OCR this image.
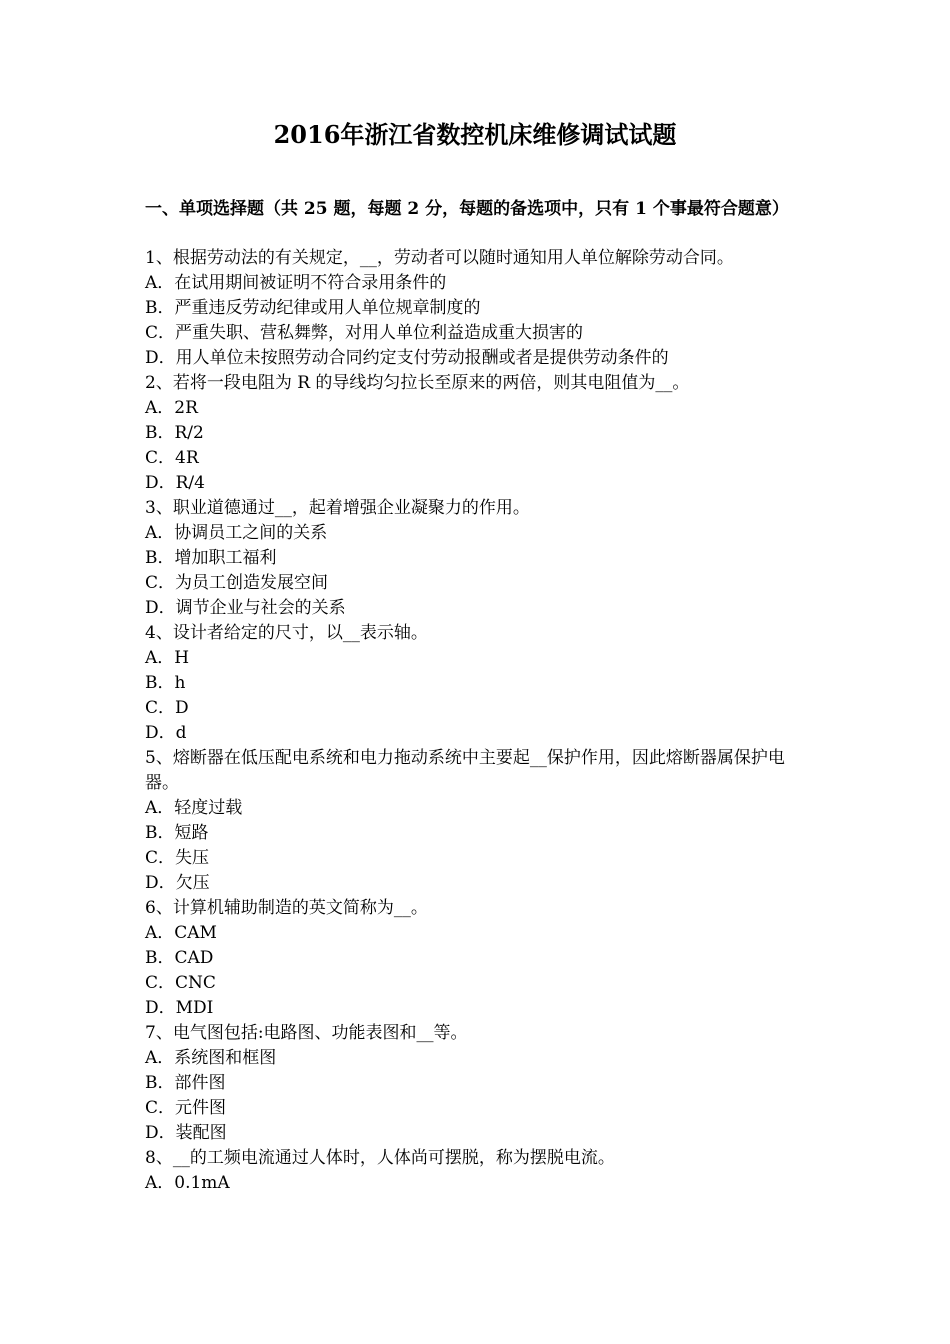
2016年浙江省数控机床维修调试试题

一、单项选择题（共 25 题，每题 2 分，每题的备选项中，只有 1 个事最符合题意）

1、根据劳动法的有关规定，__，劳动者可以随时通知用人单位解除劳动合同。

A．在试用期间被证明不符合录用条件的

B．严重违反劳动纪律或用人单位规章制度的

C．严重失职、营私舞弊，对用人单位利益造成重大损害的

D．用人单位未按照劳动合同约定支付劳动报酬或者是提供劳动条件的

2、若将一段电阻为 R 的导线均匀拉长至原来的两倍，则其电阻值为__。

A．2R

B．R/2

C．4R

D．R/4

3、职业道德通过__，起着增强企业凝聚力的作用。

A．协调员工之间的关系

B．增加职工福利

C．为员工创造发展空间

D．调节企业与社会的关系

4、设计者给定的尺寸，以__表示轴。

A．H

B．h

C．D

D．d

5、熔断器在低压配电系统和电力拖动系统中主要起__保护作用，因此熔断器属保护电器。

A．轻度过载

B．短路

C．失压

D．欠压

6、计算机辅助制造的英文简称为__。

A．CAM

B．CAD

C．CNC

D．MDI

7、电气图包括:电路图、功能表图和__等。

A．系统图和框图

B．部件图

C．元件图

D．装配图

8、__的工频电流通过人体时，人体尚可摆脱，称为摆脱电流。

A．0.1mA
